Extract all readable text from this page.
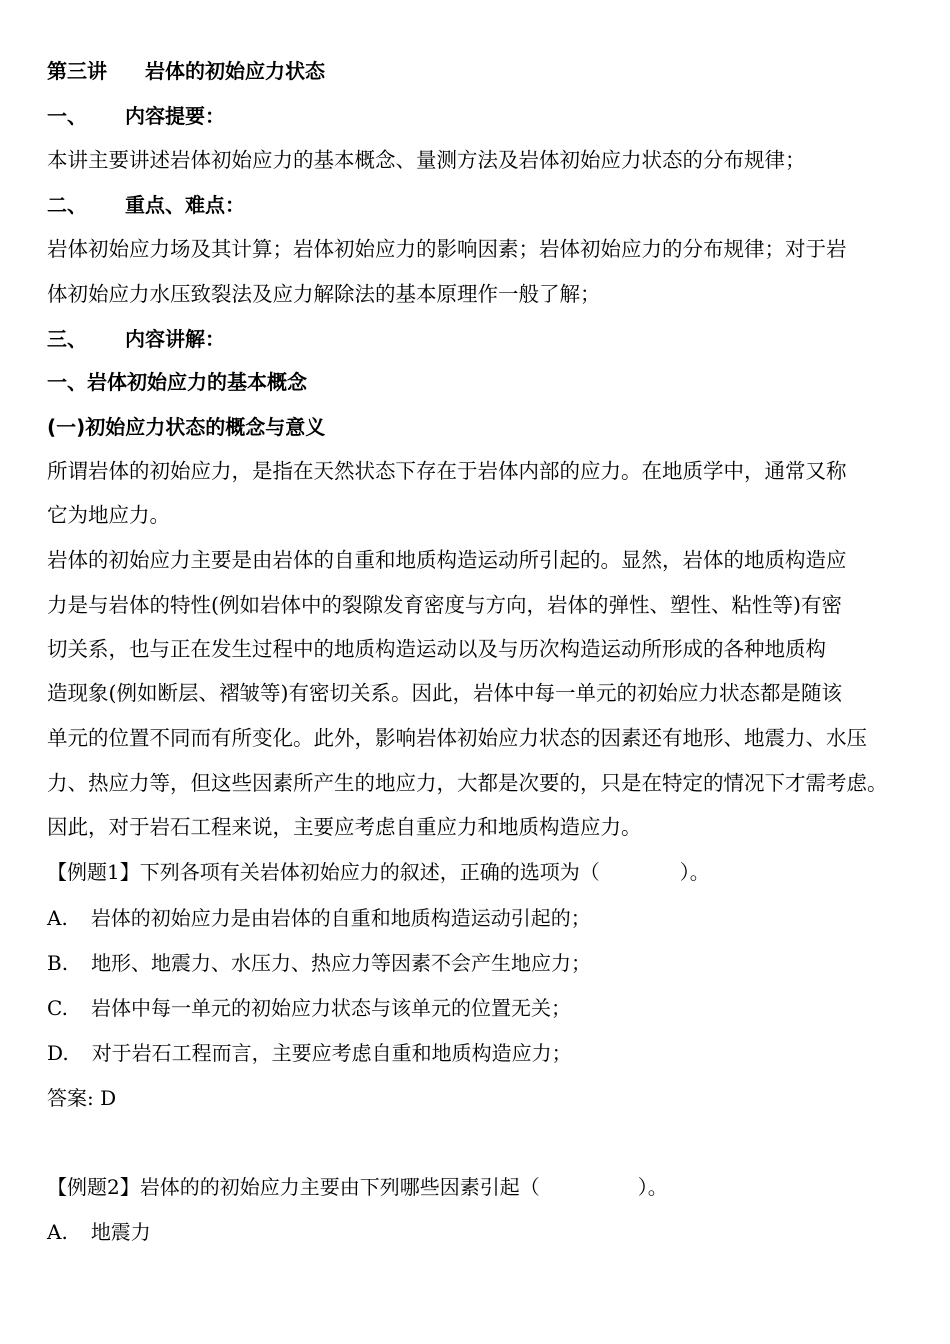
第三讲 岩体的初始应力状态
一、 内容提要：
本讲主要讲述岩体初始应力的基本概念、量测方法及岩体初始应力状态的分布规律；
二、 重点、难点：
岩体初始应力场及其计算；岩体初始应力的影响因素；岩体初始应力的分布规律；对于岩
体初始应力水压致裂法及应力解除法的基本原理作一般了解；
三、 内容讲解：
一、岩体初始应力的基本概念
(一)初始应力状态的概念与意义
所谓岩体的初始应力，是指在天然状态下存在于岩体内部的应力。在地质学中，通常又称
它为地应力。
岩体的初始应力主要是由岩体的自重和地质构造运动所引起的。显然，岩体的地质构造应
力是与岩体的特性(例如岩体中的裂隙发育密度与方向，岩体的弹性、塑性、粘性等)有密
切关系，也与正在发生过程中的地质构造运动以及与历次构造运动所形成的各种地质构
造现象(例如断层、褶皱等)有密切关系。因此，岩体中每一单元的初始应力状态都是随该
单元的位置不同而有所变化。此外，影响岩体初始应力状态的因素还有地形、地震力、水压
力、热应力等，但这些因素所产生的地应力，大都是次要的，只是在特定的情况下才需考虑。
因此，对于岩石工程来说，主要应考虑自重应力和地质构造应力。
【例题1】下列各项有关岩体初始应力的叙述，正确的选项为（	）。
A. 岩体的初始应力是由岩体的自重和地质构造运动引起的；
B. 地形、地震力、水压力、热应力等因素不会产生地应力；
C. 岩体中每一单元的初始应力状态与该单元的位置无关；
D. 对于岩石工程而言，主要应考虑自重和地质构造应力；
答案: D
【例题2】岩体的的初始应力主要由下列哪些因素引起（	）。
A. 地震力
